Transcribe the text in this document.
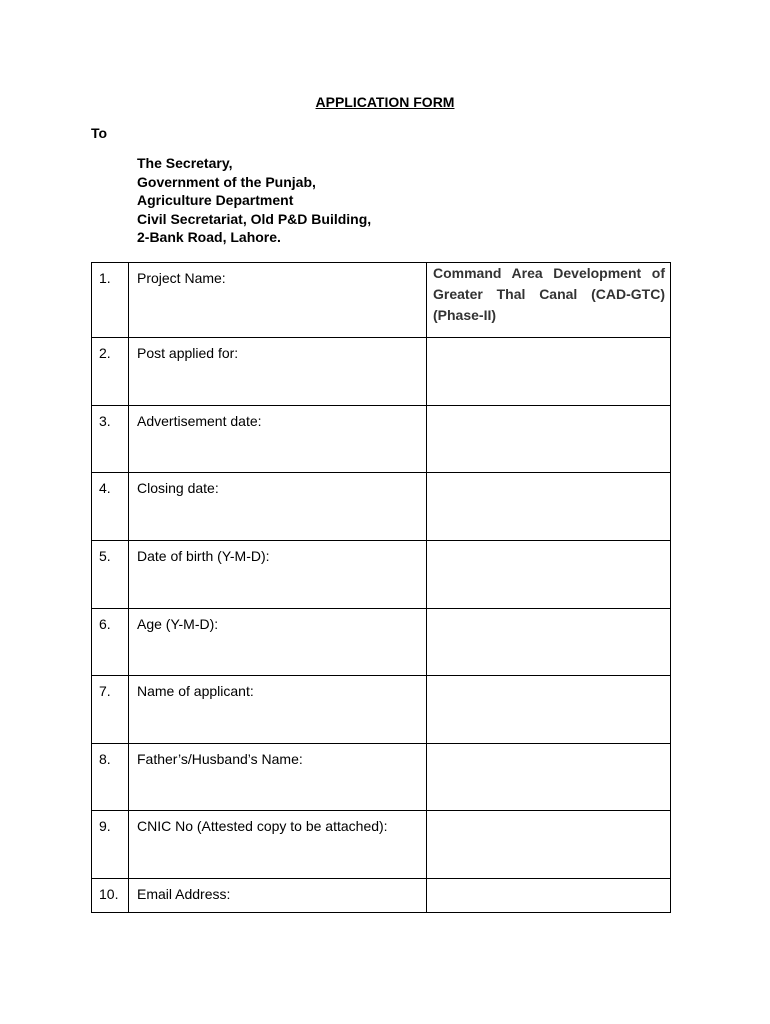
APPLICATION FORM
To
The Secretary,
Government of the Punjab,
Agriculture Department
Civil Secretariat, Old P&D Building,
2-Bank Road, Lahore.
1.	Project Name:	Command Area Development of Greater Thal Canal (CAD-GTC) (Phase-II)

2.	Post applied for:	

3.	Advertisement date:	

4.	Closing date:	

5.	Date of birth (Y-M-D):	

6.	Age (Y-M-D):	

7.	Name of applicant:	

8.	Father’s/Husband’s Name:	

9.	CNIC No (Attested copy to be attached):	

10.	Email Address:	
